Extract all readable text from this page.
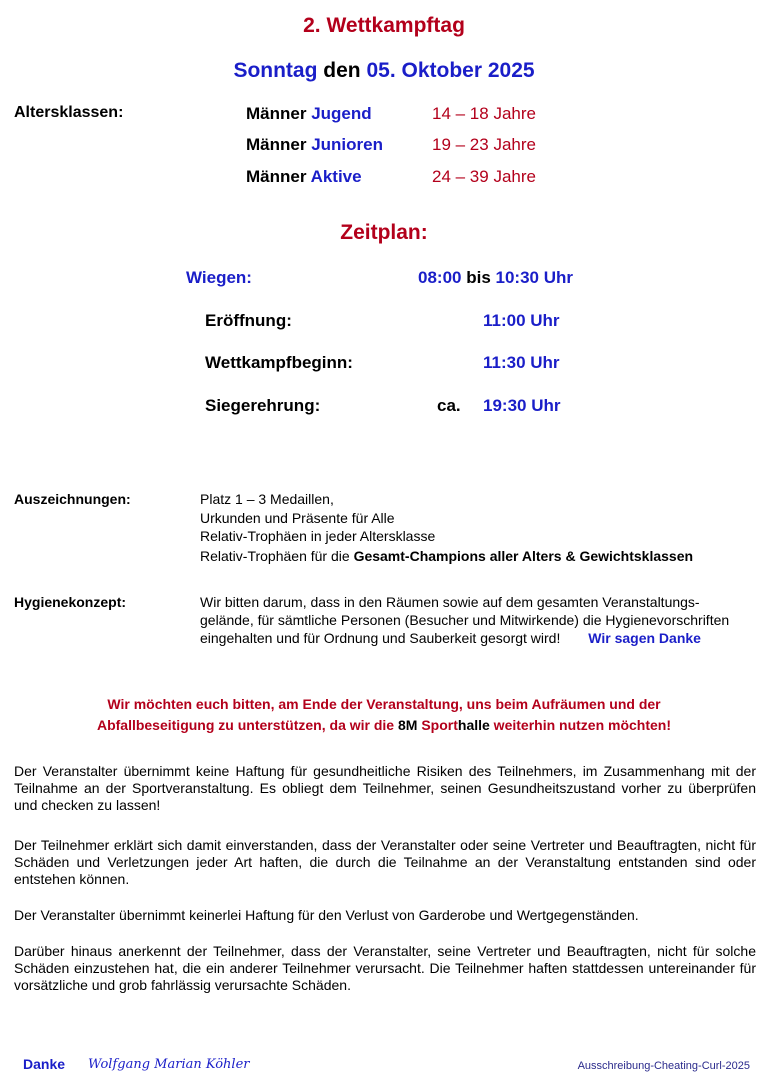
2. Wettkampftag
Sonntag den 05. Oktober 2025
Altersklassen:	Männer Jugend	14 – 18 Jahre
Männer Junioren	19 – 23 Jahre
Männer Aktive	24 – 39 Jahre
Zeitplan:
Wiegen:	08:00 bis 10:30 Uhr
Eröffnung:	11:00 Uhr
Wettkampfbeginn:	11:30 Uhr
Siegerehrung:	ca. 19:30 Uhr
Auszeichnungen:	Platz 1 – 3 Medaillen,
Urkunden und Präsente für Alle
Relativ-Trophäen in jeder Altersklasse
Relativ-Trophäen für die Gesamt-Champions aller Alters & Gewichtsklassen
Hygienekonzept:	Wir bitten darum, dass in den Räumen sowie auf dem gesamten Veranstaltungs-
gelände, für sämtliche Personen (Besucher und Mitwirkende) die Hygienevorschriften
eingehalten und für Ordnung und Sauberkeit gesorgt wird! Wir sagen Danke
Wir möchten euch bitten, am Ende der Veranstaltung, uns beim Aufräumen und der
Abfallbeseitigung zu unterstützen, da wir die 8M Sporthalle weiterhin nutzen möchten!
Der Veranstalter übernimmt keine Haftung für gesundheitliche Risiken des Teilnehmers, im Zusammenhang mit der Teilnahme an der Sportveranstaltung. Es obliegt dem Teilnehmer, seinen Gesundheitszustand vorher zu überprüfen und checken zu lassen!
Der Teilnehmer erklärt sich damit einverstanden, dass der Veranstalter oder seine Vertreter und Beauftragten, nicht für Schäden und Verletzungen jeder Art haften, die durch die Teilnahme an der Veranstaltung entstanden sind oder entstehen können.
Der Veranstalter übernimmt keinerlei Haftung für den Verlust von Garderobe und Wertgegenständen.
Darüber hinaus anerkennt der Teilnehmer, dass der Veranstalter, seine Vertreter und Beauftragten, nicht für solche Schäden einzustehen hat, die ein anderer Teilnehmer verursacht. Die Teilnehmer haften stattdessen untereinander für vorsätzliche und grob fahrlässig verursachte Schäden.
Danke Wolfgang Marian Köhler	Ausschreibung-Cheating-Curl-2025
